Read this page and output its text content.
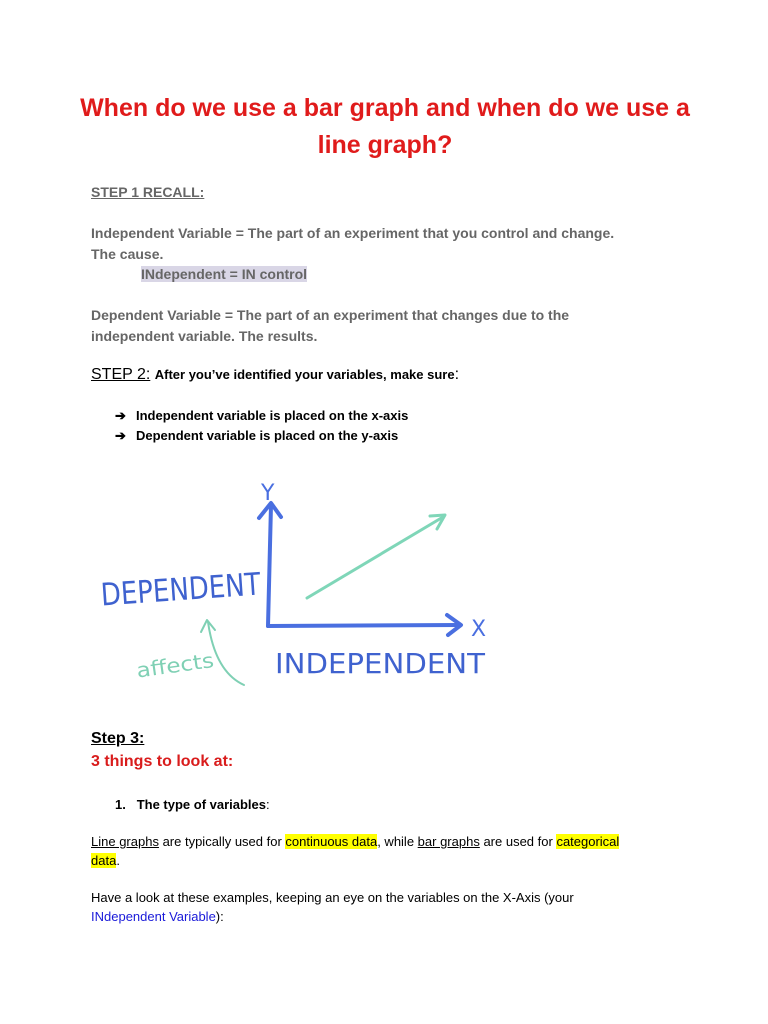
When do we use a bar graph and when do we use a line graph?
STEP 1 RECALL:
Independent Variable = The part of an experiment that you control and change.
The cause.
INdependent = IN control
Dependent Variable = The part of an experiment that changes due to the
independent variable. The results.
STEP 2: After you’ve identified your variables, make sure:
➔ Independent variable is placed on the x-axis
➔ Dependent variable is placed on the y-axis
Y
X
DEPENDENT
INDEPENDENT
affects
Step 3:
3 things to look at:
1. The type of variables:
Line graphs are typically used for continuous data, while bar graphs are used for categorical
data.
Have a look at these examples, keeping an eye on the variables on the X-Axis (your
INdependent Variable):
